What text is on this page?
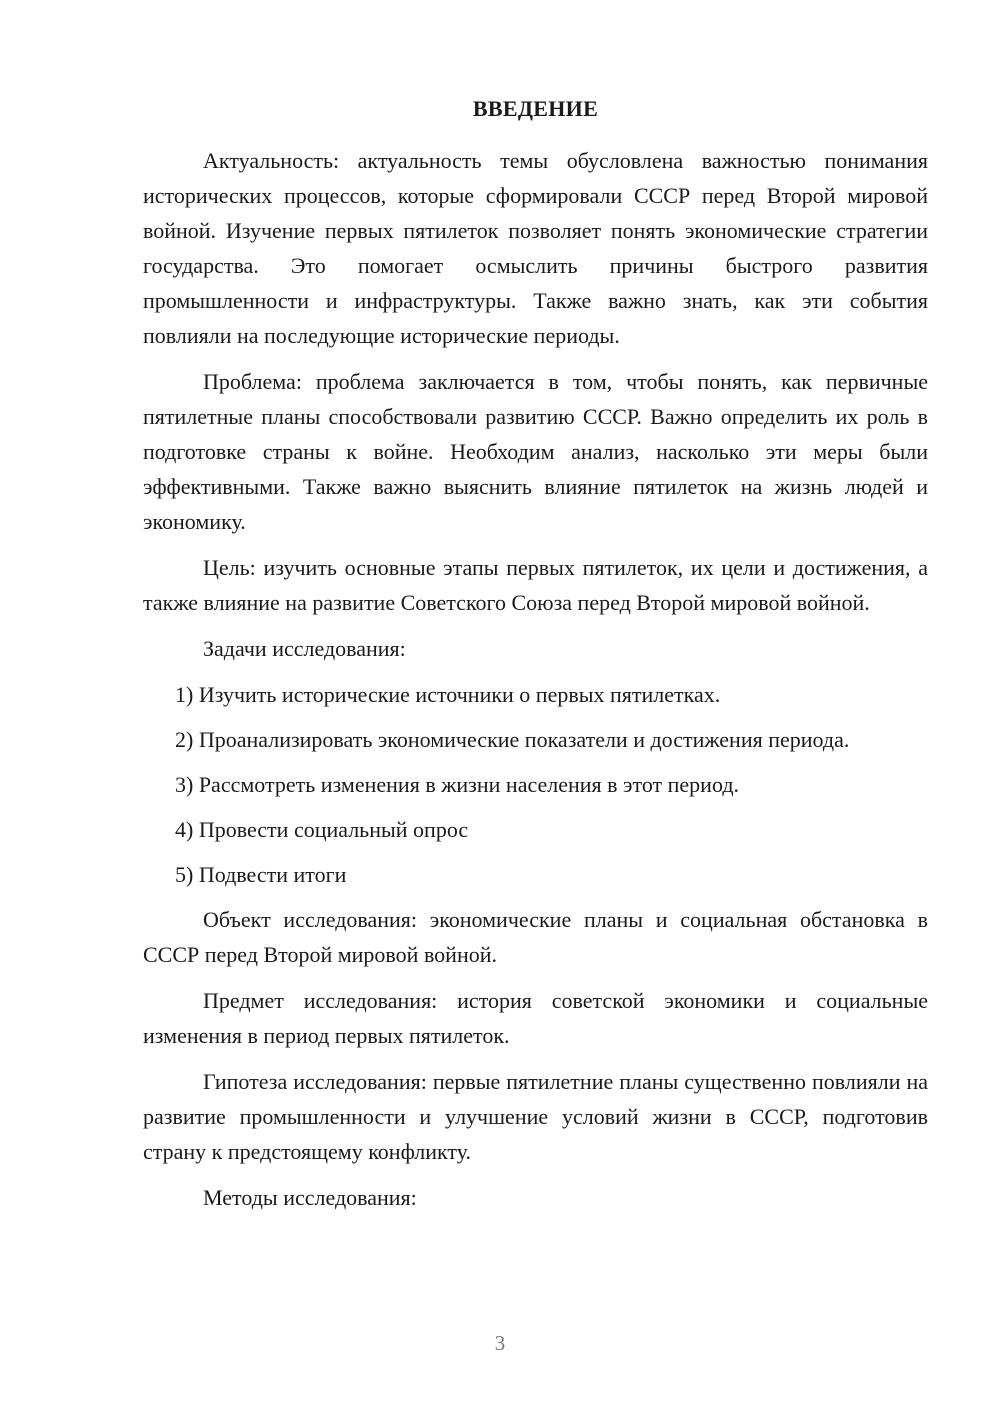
ВВЕДЕНИЕ

Актуальность: актуальность темы обусловлена важностью понимания исторических процессов, которые сформировали СССР перед Второй мировой войной. Изучение первых пятилеток позволяет понять экономические стратегии государства. Это помогает осмыслить причины быстрого развития промышленности и инфраструктуры. Также важно знать, как эти события повлияли на последующие исторические периоды.

Проблема: проблема заключается в том, чтобы понять, как первичные пятилетные планы способствовали развитию СССР. Важно определить их роль в подготовке страны к войне. Необходим анализ, насколько эти меры были эффективными. Также важно выяснить влияние пятилеток на жизнь людей и экономику.

Цель: изучить основные этапы первых пятилеток, их цели и достижения, а также влияние на развитие Советского Союза перед Второй мировой войной.

Задачи исследования:

1) Изучить исторические источники о первых пятилетках.

2) Проанализировать экономические показатели и достижения периода.

3) Рассмотреть изменения в жизни населения в этот период.

4) Провести социальный опрос

5) Подвести итоги

Объект исследования: экономические планы и социальная обстановка в СССР перед Второй мировой войной.

Предмет исследования: история советской экономики и социальные изменения в период первых пятилеток.

Гипотеза исследования: первые пятилетние планы существенно повлияли на развитие промышленности и улучшение условий жизни в СССР, подготовив страну к предстоящему конфликту.

Методы исследования:

3
